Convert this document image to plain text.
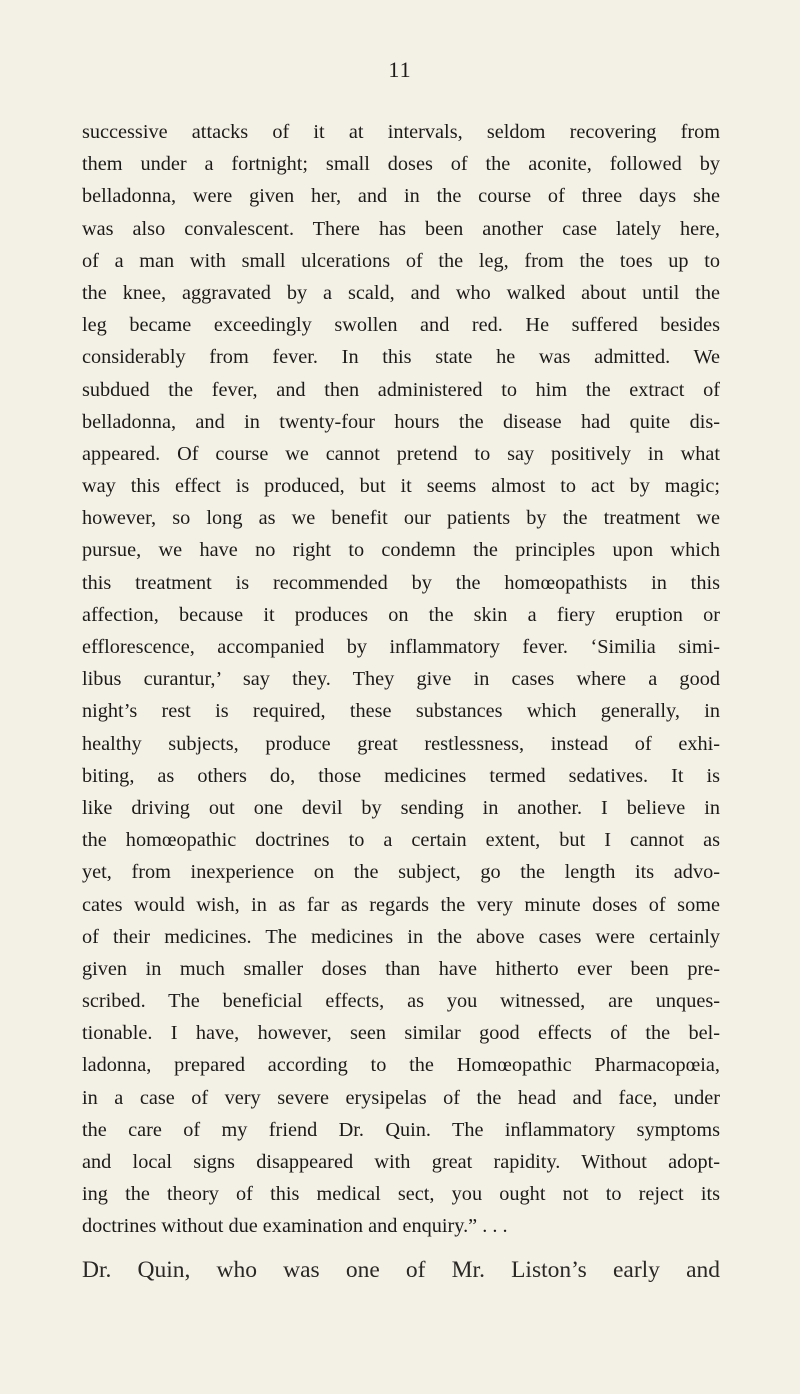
11
successive attacks of it at intervals, seldom recovering from
them under a fortnight; small doses of the aconite, followed by
belladonna, were given her, and in the course of three days she
was also convalescent. There has been another case lately here,
of a man with small ulcerations of the leg, from the toes up to
the knee, aggravated by a scald, and who walked about until the
leg became exceedingly swollen and red. He suffered besides
considerably from fever. In this state he was admitted. We
subdued the fever, and then administered to him the extract of
belladonna, and in twenty-four hours the disease had quite dis-
appeared. Of course we cannot pretend to say positively in what
way this effect is produced, but it seems almost to act by magic;
however, so long as we benefit our patients by the treatment we
pursue, we have no right to condemn the principles upon which
this treatment is recommended by the homœopathists in this
affection, because it produces on the skin a fiery eruption or
efflorescence, accompanied by inflammatory fever. ‘Similia simi-
libus curantur,’ say they. They give in cases where a good
night’s rest is required, these substances which generally, in
healthy subjects, produce great restlessness, instead of exhi-
biting, as others do, those medicines termed sedatives. It is
like driving out one devil by sending in another. I believe in
the homœopathic doctrines to a certain extent, but I cannot as
yet, from inexperience on the subject, go the length its advo-
cates would wish, in as far as regards the very minute doses of some
of their medicines. The medicines in the above cases were certainly
given in much smaller doses than have hitherto ever been pre-
scribed. The beneficial effects, as you witnessed, are unques-
tionable. I have, however, seen similar good effects of the bel-
ladonna, prepared according to the Homœopathic Pharmacopœia,
in a case of very severe erysipelas of the head and face, under
the care of my friend Dr. Quin. The inflammatory symptoms
and local signs disappeared with great rapidity. Without adopt-
ing the theory of this medical sect, you ought not to reject its
doctrines without due examination and enquiry.” . . .
Dr. Quin, who was one of Mr. Liston’s early and
